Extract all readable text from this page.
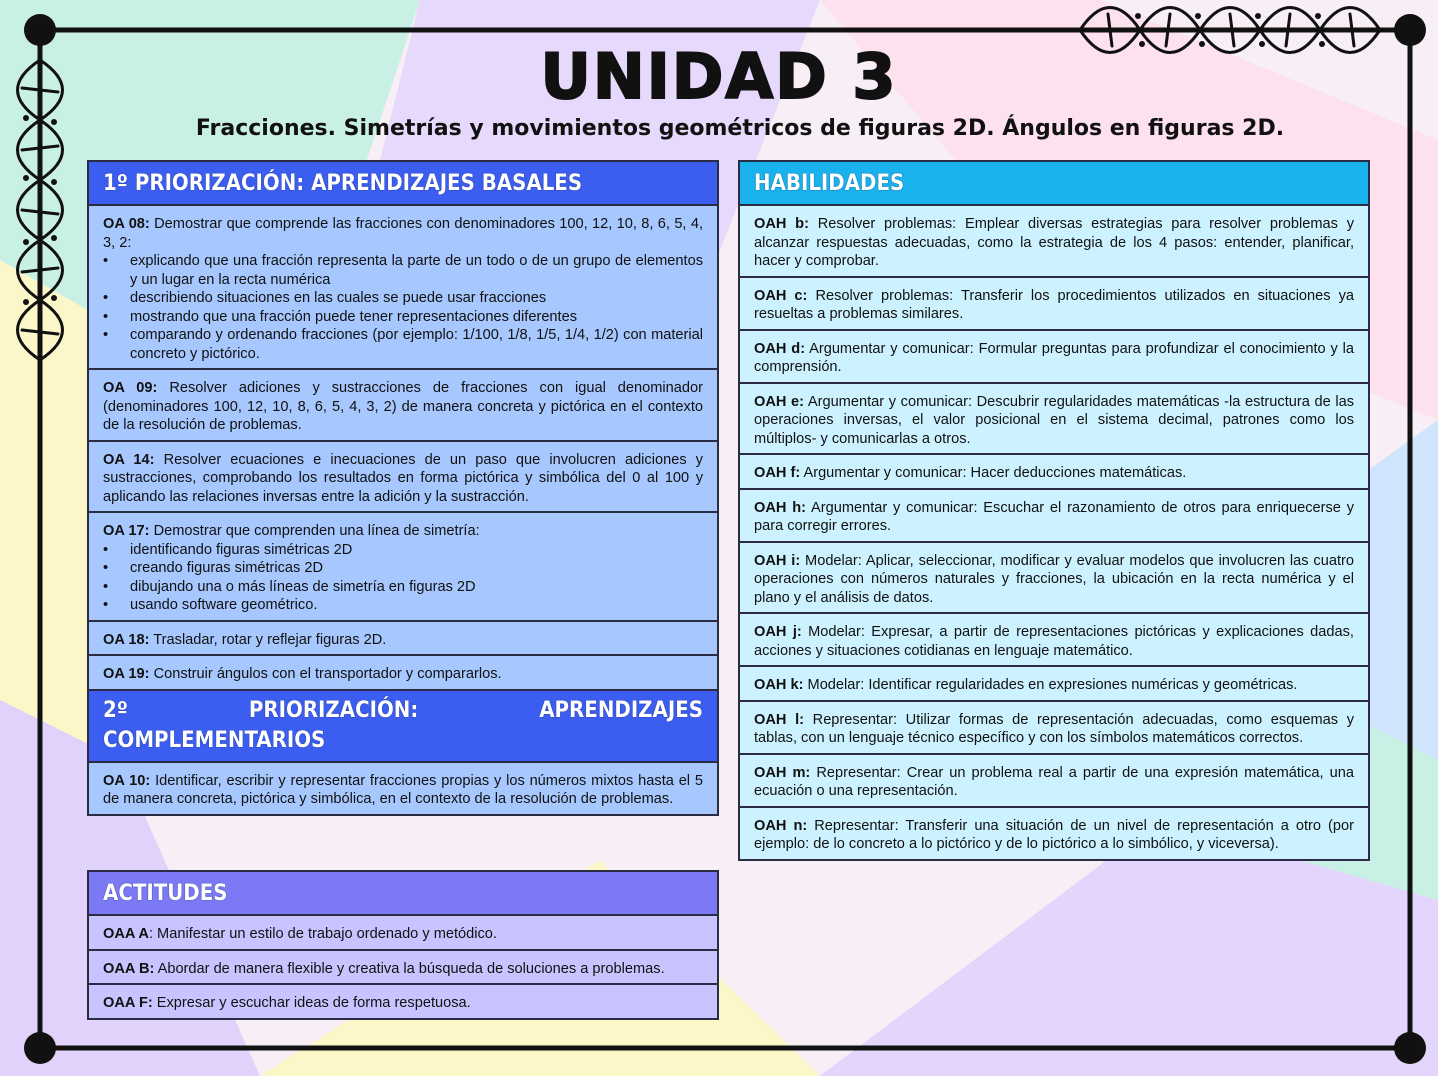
UNIDAD 3
Fracciones. Simetrías y movimientos geométricos de figuras 2D. Ángulos en figuras 2D.
1º PRIORIZACIÓN: APRENDIZAJES BASALES
OA 08: Demostrar que comprende las fracciones con denominadores 100, 12, 10, 8, 6, 5, 4, 3, 2:
• explicando que una fracción representa la parte de un todo o de un grupo de elementos y un lugar en la recta numérica
• describiendo situaciones en las cuales se puede usar fracciones
• mostrando que una fracción puede tener representaciones diferentes
• comparando y ordenando fracciones (por ejemplo: 1/100, 1/8, 1/5, 1/4, 1/2) con material concreto y pictórico.
OA 09: Resolver adiciones y sustracciones de fracciones con igual denominador (denominadores 100, 12, 10, 8, 6, 5, 4, 3, 2) de manera concreta y pictórica en el contexto de la resolución de problemas.
OA 14: Resolver ecuaciones e inecuaciones de un paso que involucren adiciones y sustracciones, comprobando los resultados en forma pictórica y simbólica del 0 al 100 y aplicando las relaciones inversas entre la adición y la sustracción.
OA 17: Demostrar que comprenden una línea de simetría:
• identificando figuras simétricas 2D
• creando figuras simétricas 2D
• dibujando una o más líneas de simetría en figuras 2D
• usando software geométrico.
OA 18: Trasladar, rotar y reflejar figuras 2D.
OA 19: Construir ángulos con el transportador y compararlos.
2º	PRIORIZACIÓN:	APRENDIZAJES
COMPLEMENTARIOS
OA 10: Identificar, escribir y representar fracciones propias y los números mixtos hasta el 5 de manera concreta, pictórica y simbólica, en el contexto de la resolución de problemas.
ACTITUDES
OAA A: Manifestar un estilo de trabajo ordenado y metódico.
OAA B: Abordar de manera flexible y creativa la búsqueda de soluciones a problemas.
OAA F: Expresar y escuchar ideas de forma respetuosa.
HABILIDADES
OAH b: Resolver problemas: Emplear diversas estrategias para resolver problemas y alcanzar respuestas adecuadas, como la estrategia de los 4 pasos: entender, planificar, hacer y comprobar.
OAH c: Resolver problemas: Transferir los procedimientos utilizados en situaciones ya resueltas a problemas similares.
OAH d: Argumentar y comunicar: Formular preguntas para profundizar el conocimiento y la comprensión.
OAH e: Argumentar y comunicar: Descubrir regularidades matemáticas -la estructura de las operaciones inversas, el valor posicional en el sistema decimal, patrones como los múltiplos- y comunicarlas a otros.
OAH f: Argumentar y comunicar: Hacer deducciones matemáticas.
OAH h: Argumentar y comunicar: Escuchar el razonamiento de otros para enriquecerse y para corregir errores.
OAH i: Modelar: Aplicar, seleccionar, modificar y evaluar modelos que involucren las cuatro operaciones con números naturales y fracciones, la ubicación en la recta numérica y el plano y el análisis de datos.
OAH j: Modelar: Expresar, a partir de representaciones pictóricas y explicaciones dadas, acciones y situaciones cotidianas en lenguaje matemático.
OAH k: Modelar: Identificar regularidades en expresiones numéricas y geométricas.
OAH l: Representar: Utilizar formas de representación adecuadas, como esquemas y tablas, con un lenguaje técnico específico y con los símbolos matemáticos correctos.
OAH m: Representar: Crear un problema real a partir de una expresión matemática, una ecuación o una representación.
OAH n: Representar: Transferir una situación de un nivel de representación a otro (por ejemplo: de lo concreto a lo pictórico y de lo pictórico a lo simbólico, y viceversa).
